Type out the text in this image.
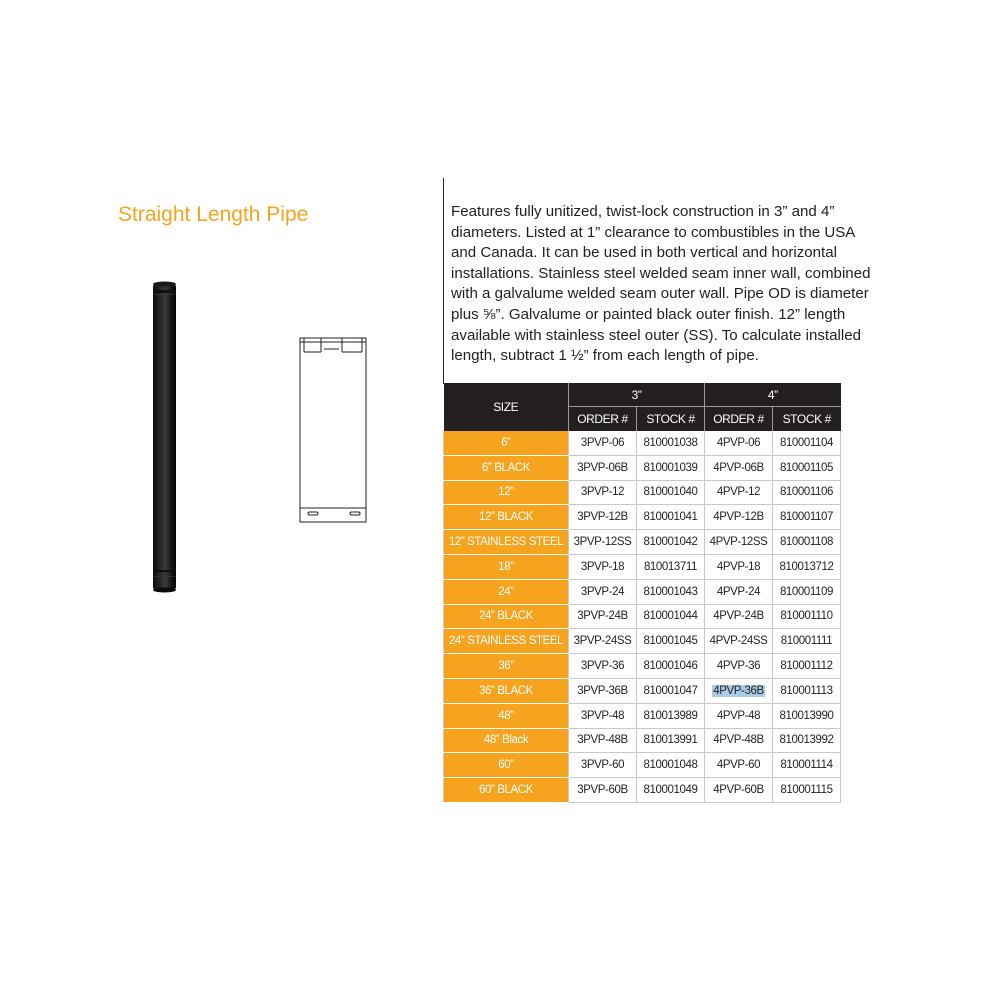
Straight Length Pipe	Features fully unitized, twist-lock construction in 3” and 4”

diameters. Listed at 1” clearance to combustibles in the USA

and Canada. It can be used in both vertical and horizontal

installations. Stainless steel welded seam inner wall, combined

with a galvalume welded seam outer wall. Pipe OD is diameter

plus ⅝”. Galvalume or painted black outer finish. 12” length

available with stainless steel outer (SS). To calculate installed

length, subtract 1 ½” from each length of pipe.

SIZE	3”		4”	
	ORDER #	STOCK #	ORDER #	STOCK #
6”	3PVP-06	810001038	4PVP-06	810001104
6” BLACK	3PVP-06B	810001039	4PVP-06B	810001105
12”	3PVP-12	810001040	4PVP-12	810001106
12” BLACK	3PVP-12B	810001041	4PVP-12B	810001107
12” STAINLESS STEEL	3PVP-12SS	810001042	4PVP-12SS	810001108
18”	3PVP-18	810013711	4PVP-18	810013712
24”	3PVP-24	810001043	4PVP-24	810001109
24” BLACK	3PVP-24B	810001044	4PVP-24B	810001110
24” STAINLESS STEEL	3PVP-24SS	810001045	4PVP-24SS	810001111
36”	3PVP-36	810001046	4PVP-36	810001112
36” BLACK	3PVP-36B	810001047	4PVP-36B	810001113
48”	3PVP-48	810013989	4PVP-48	810013990
48” Black	3PVP-48B	810013991	4PVP-48B	810013992
60”	3PVP-60	810001048	4PVP-60	810001114
60” BLACK	3PVP-60B	810001049	4PVP-60B	810001115
